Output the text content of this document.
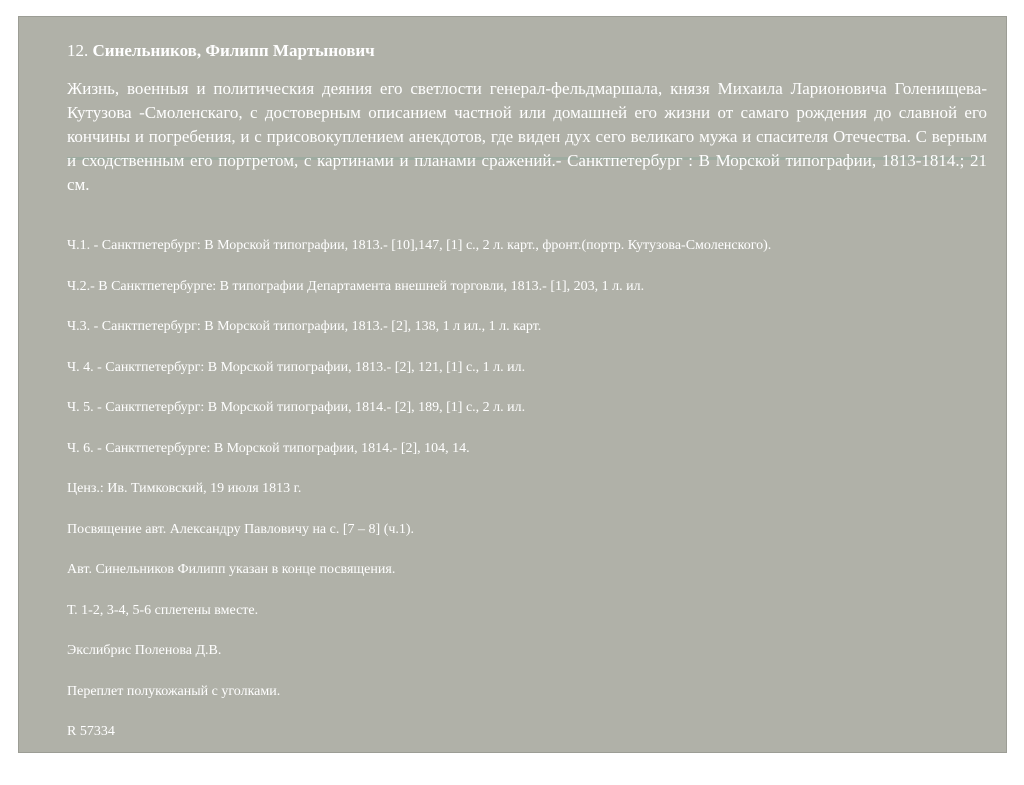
12. Синельников, Филипп Мартынович

Жизнь, военныя и политическия деяния его светлости генерал-фельдмаршала, князя Михаила Ларионовича Голенищева-Кутузова -Смоленскаго, с достоверным описанием частной или домашней его жизни от самаго рождения до славной его кончины и погребения, и с присовокуплением анекдотов, где виден дух сего великаго мужа и спасителя Отечества. С верным и сходственным его портретом, с картинами и планами сражений.- Санктпетербург : В Морской типографии, 1813-1814.; 21 см.

Ч.1. - Санктпетербург: В Морской типографии, 1813.- [10],147, [1] с., 2 л. карт., фронт.(портр. Кутузова-Смоленского).

Ч.2.- В Санктпетербурге: В типографии Департамента внешней торговли, 1813.- [1], 203, 1 л. ил.

Ч.3. - Санктпетербург: В Морской типографии, 1813.- [2], 138, 1 л ил., 1 л. карт.

Ч. 4. - Санктпетербург: В Морской типографии, 1813.- [2], 121, [1] с., 1 л. ил.

Ч. 5. - Санктпетербург: В Морской типографии, 1814.- [2], 189, [1] с., 2 л. ил.

Ч. 6. - Санктпетербурге: В Морской типографии, 1814.- [2], 104, 14.

Ценз.: Ив. Тимковский, 19 июля 1813 г.

Посвящение авт. Александру Павловичу на с. [7 – 8] (ч.1).

Авт. Синельников Филипп указан в конце посвящения.

Т. 1-2, 3-4, 5-6 сплетены вместе.

Экслибрис Поленова Д.В.

Переплет полукожаный с уголками.

R 57334

13. Жуйкевич, Петр (1790 – 1851)
